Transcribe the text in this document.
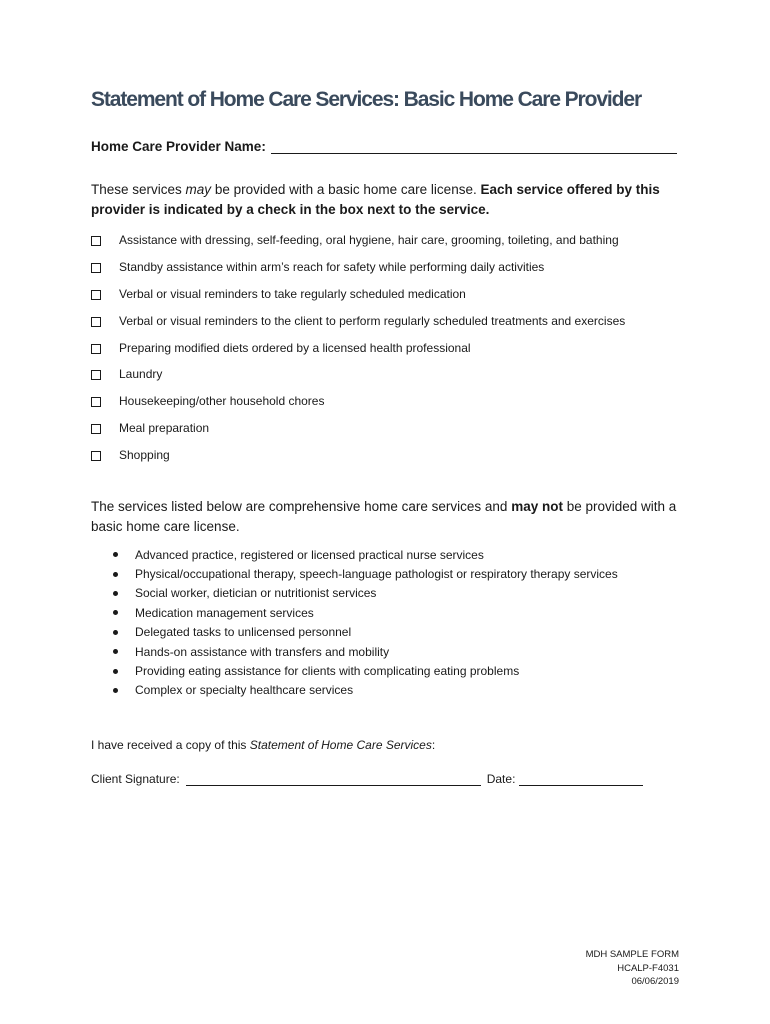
Statement of Home Care Services: Basic Home Care Provider
Home Care Provider Name:
These services may be provided with a basic home care license. Each service offered by this provider is indicated by a check in the box next to the service.
Assistance with dressing, self-feeding, oral hygiene, hair care, grooming, toileting, and bathing
Standby assistance within arm’s reach for safety while performing daily activities
Verbal or visual reminders to take regularly scheduled medication
Verbal or visual reminders to the client to perform regularly scheduled treatments and exercises
Preparing modified diets ordered by a licensed health professional
Laundry
Housekeeping/other household chores
Meal preparation
Shopping
The services listed below are comprehensive home care services and may not be provided with a basic home care license.
Advanced practice, registered or licensed practical nurse services
Physical/occupational therapy, speech-language pathologist or respiratory therapy services
Social worker, dietician or nutritionist services
Medication management services
Delegated tasks to unlicensed personnel
Hands-on assistance with transfers and mobility
Providing eating assistance for clients with complicating eating problems
Complex or specialty healthcare services
I have received a copy of this Statement of Home Care Services:
Client Signature:	Date:
MDH SAMPLE FORM
HCALP-F4031
06/06/2019
